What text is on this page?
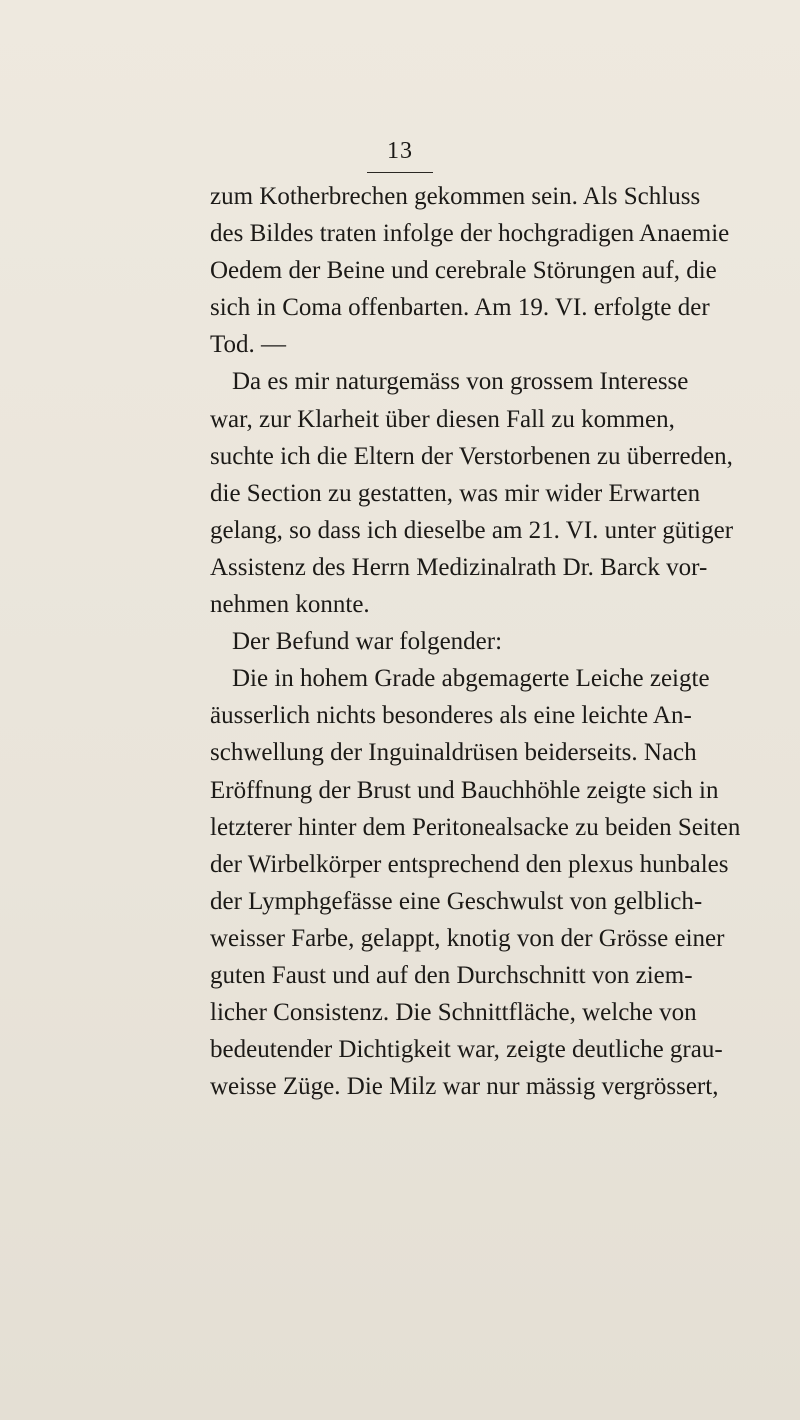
13
zum Kotherbrechen gekommen sein. Als Schluss
des Bildes traten infolge der hochgradigen Anaemie
Oedem der Beine und cerebrale Störungen auf, die
sich in Coma offenbarten. Am 19. VI. erfolgte der
Tod. —
Da es mir naturgemäss von grossem Interesse
war, zur Klarheit über diesen Fall zu kommen,
suchte ich die Eltern der Verstorbenen zu überreden,
die Section zu gestatten, was mir wider Erwarten
gelang, so dass ich dieselbe am 21. VI. unter gütiger
Assistenz des Herrn Medizinalrath Dr. Barck vor-
nehmen konnte.
Der Befund war folgender:
Die in hohem Grade abgemagerte Leiche zeigte
äusserlich nichts besonderes als eine leichte An-
schwellung der Inguinaldrüsen beiderseits. Nach
Eröffnung der Brust und Bauchhöhle zeigte sich in
letzterer hinter dem Peritonealsacke zu beiden Seiten
der Wirbelkörper entsprechend den plexus hunbales
der Lymphgefässe eine Geschwulst von gelblich-
weisser Farbe, gelappt, knotig von der Grösse einer
guten Faust und auf den Durchschnitt von ziem-
licher Consistenz. Die Schnittfläche, welche von
bedeutender Dichtigkeit war, zeigte deutliche grau-
weisse Züge. Die Milz war nur mässig vergrössert,
